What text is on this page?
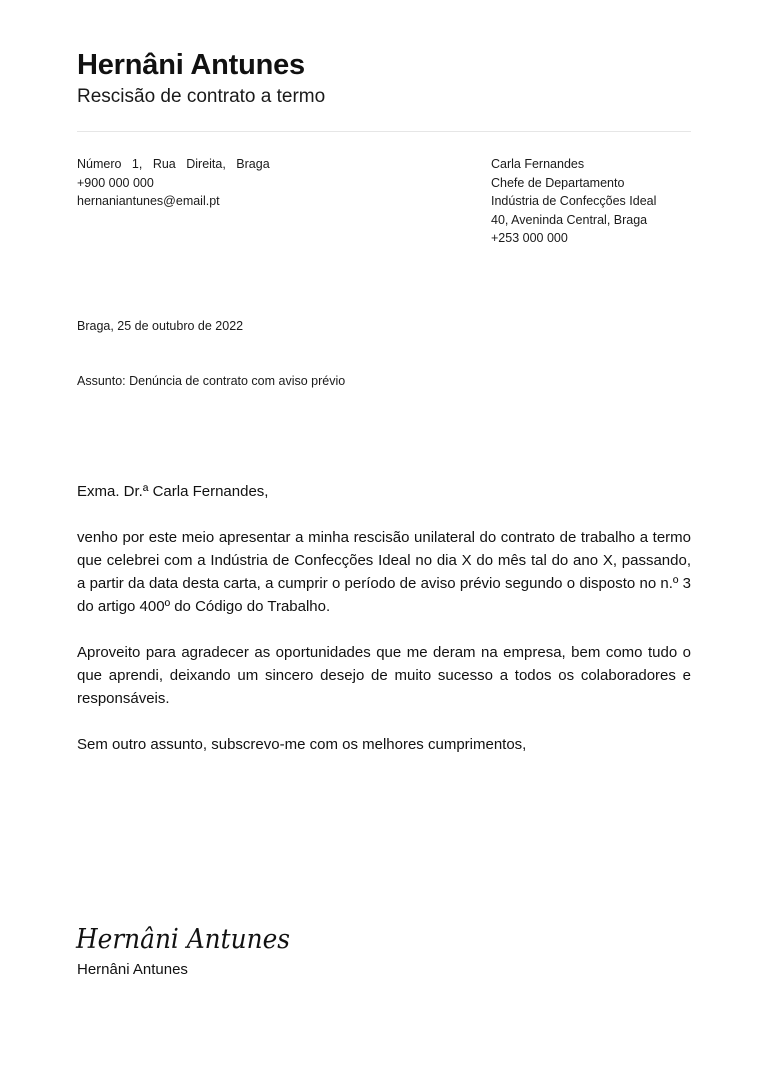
Hernâni Antunes
Rescisão de contrato a termo
Número 1, Rua Direita, Braga
+900 000 000
hernaniantunes@email.pt
Carla Fernandes
Chefe de Departamento
Indústria de Confecções Ideal
40, Aveninda Central, Braga
+253 000 000
Braga, 25 de outubro de 2022
Assunto: Denúncia de contrato com aviso prévio

Exma. Dr.ª Carla Fernandes,

venho por este meio apresentar a minha rescisão unilateral do contrato de trabalho a termo que celebrei com a Indústria de Confecções Ideal no dia X do mês tal do ano X, passando, a partir da data desta carta, a cumprir o período de aviso prévio segundo o disposto no n.º 3 do artigo 400º do Código do Trabalho.

Aproveito para agradecer as oportunidades que me deram na empresa, bem como tudo o que aprendi, deixando um sincero desejo de muito sucesso a todos os colaboradores e responsáveis.

Sem outro assunto, subscrevo-me com os melhores cumprimentos,

Hernâni Antunes
Hernâni Antunes
